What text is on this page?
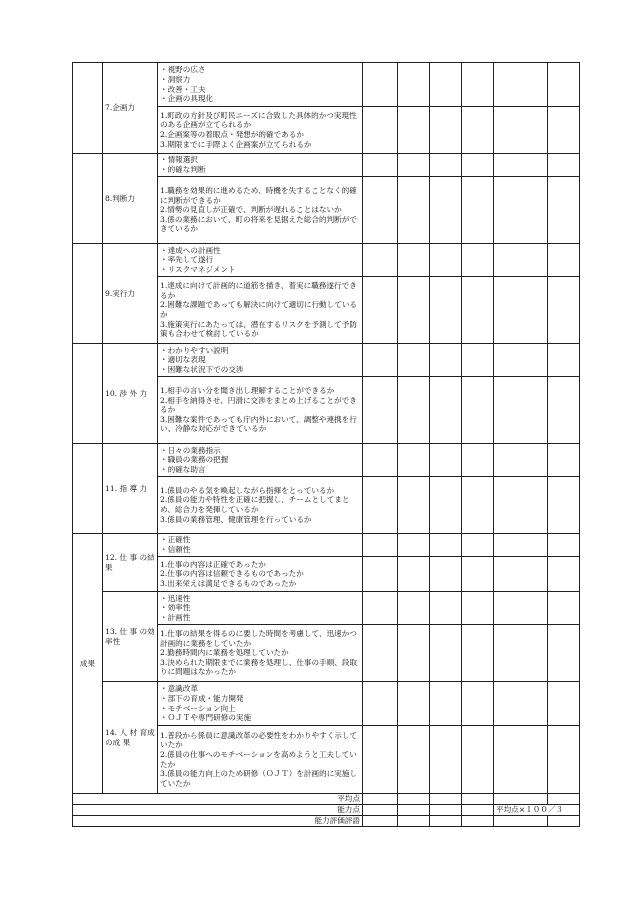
	7.企画力	・視野の広さ
・洞察力
・改善・工夫
・企画の具現化						

		1.町政の方針及び町民ニーズに合致した具体的かつ実現性のある企画が立てられるか
2.企画案等の着眼点・発想が的確であるか
3.期限までに手際よく企画案が立てられるか						

	8.判断力	・情報選択
・的確な判断						

		1.職務を効果的に進めるため、時機を失することなく的確に判断ができるか
2.情勢の見直しが正確で、判断が遅れることはないか
3.係の業務において、町の将来を見据えた総合的判断ができているか						

	9.実行力	・達成への計画性
・率先して遂行
・リスクマネジメント						

		1.達成に向けて計画的に道筋を描き、着実に職務遂行できるか
2.困難な課題であっても解決に向けて適切に行動しているか
3.施策実行にあたっては、潜在するリスクを予測して予防策も合わせて検討しているか						

	10. 渉 外 力	・わかりやすい説明
・適切な表現
・困難な状況下での交渉						

		1.相手の言い分を聞き出し理解することができるか
2.相手を納得させ、円滑に交渉をまとめ上げることができるか
3.困難な案件であっても庁内外において、調整や連携を行い、冷静な対応ができているか						

	11. 指 導 力	・日々の業務指示
・職員の業務の把握
・的確な助言						

		1.係員のやる気を喚起しながら指揮をとっているか
2.係員の能力や特性を正確に把握し、チームとしてまとめ、総合力を発揮しているか
3.係員の業務管理、健康管理を行っているか						

成果	12. 仕 事 の結果	・正確性
・信頼性						

		1.仕事の内容は正確であったか
2.仕事の内容は信頼できるものであったか
3.出来栄えは満足できるものであったか						

	13. 仕 事 の効率性	・迅速性
・効率性
・計画性						

		1.仕事の結果を得るのに要した時間を考慮して、迅速かつ計画的に業務をしていたか
2.勤務時間内に業務を処理していたか
3.決められた期限までに業務を処理し、仕事の手順、段取りに問題はなかったか						

	14. 人 材 育成の成 果	・意識改革
・部下の育成・能力開発
・モチベーション向上
・ＯＪＴや専門研修の実施						

		1.普段から係員に意識改革の必要性をわかりやすく示していたか
2.係員の仕事へのモチベーションを高めようと工夫していたか
3.係員の能力向上のため研修（ＯＪＴ）を計画的に実施していたか						

平均点								
能力点							平均点×１００／３	
能力評価評語								
